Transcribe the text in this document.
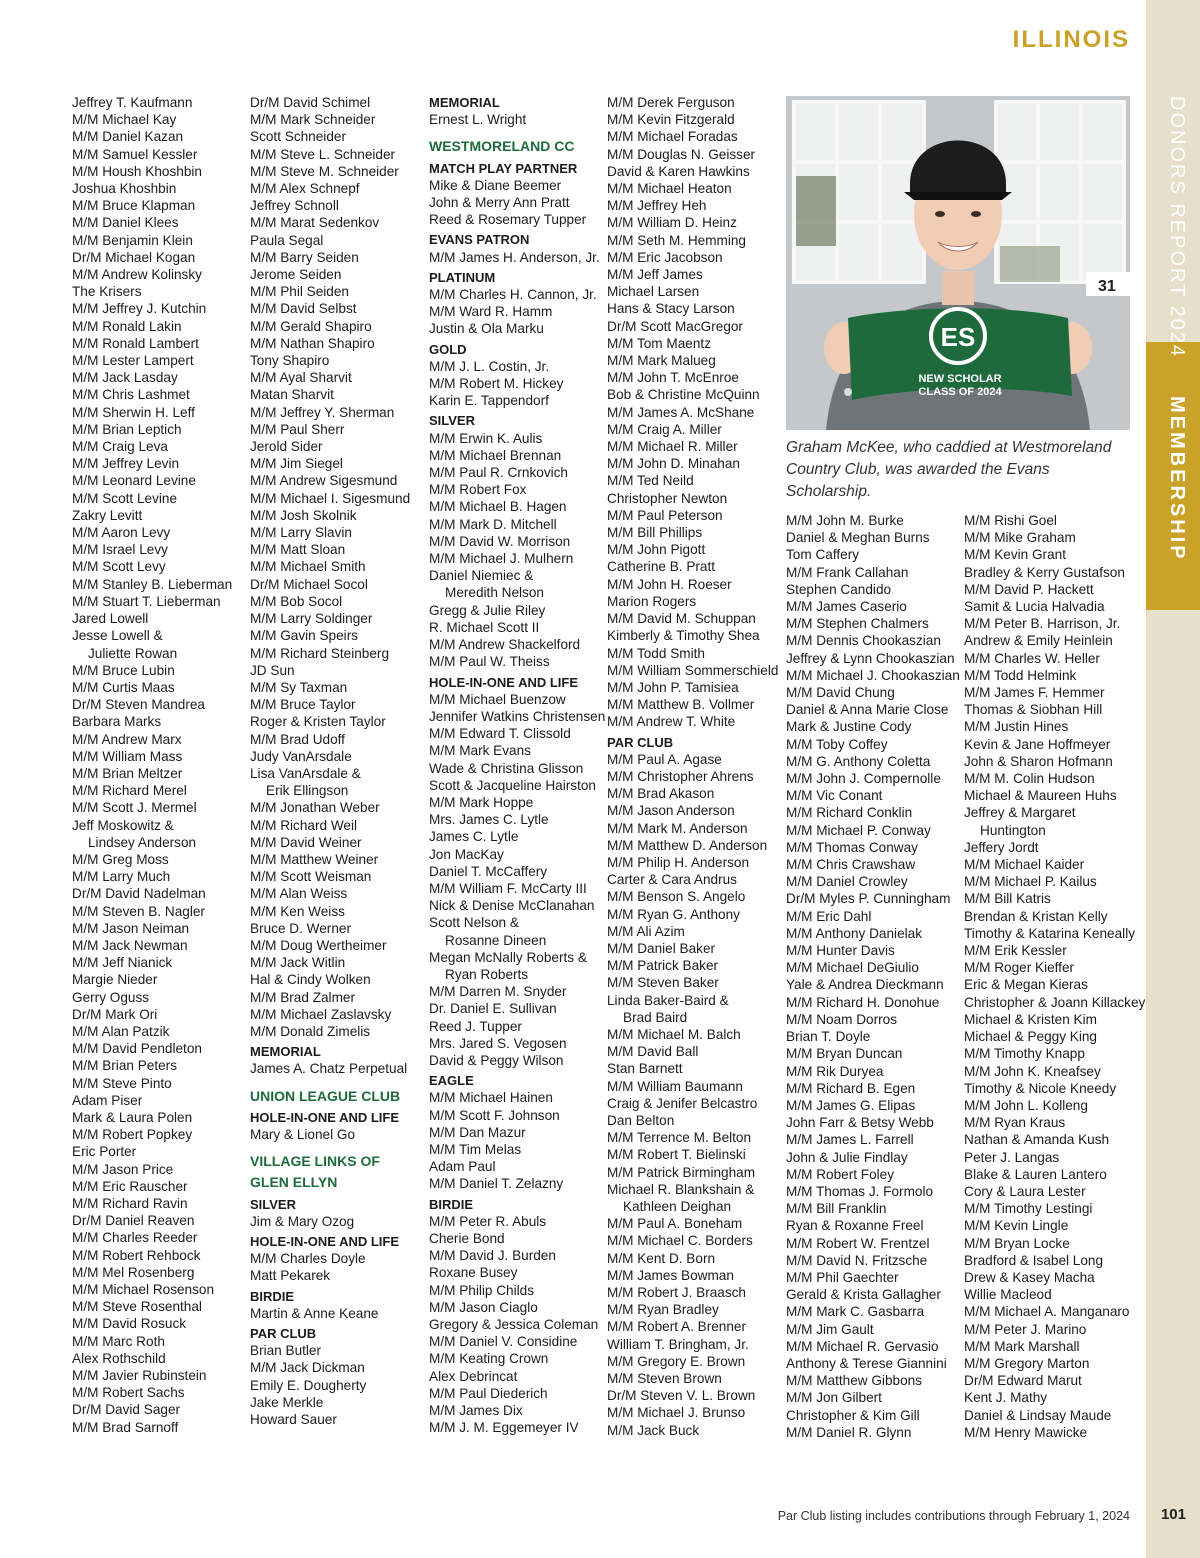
DONORS REPORT 2024
MEMBERSHIP
ILLINOIS
Jeffrey T. Kaufmann
M/M Michael Kay
M/M Daniel Kazan
M/M Samuel Kessler
M/M Housh Khoshbin
Joshua Khoshbin
M/M Bruce Klapman
M/M Daniel Klees
M/M Benjamin Klein
Dr/M Michael Kogan
M/M Andrew Kolinsky
The Krisers
M/M Jeffrey J. Kutchin
M/M Ronald Lakin
M/M Ronald Lambert
M/M Lester Lampert
M/M Jack Lasday
M/M Chris Lashmet
M/M Sherwin H. Leff
M/M Brian Leptich
M/M Craig Leva
M/M Jeffrey Levin
M/M Leonard Levine
M/M Scott Levine
Zakry Levitt
M/M Aaron Levy
M/M Israel Levy
M/M Scott Levy
M/M Stanley B. Lieberman
M/M Stuart T. Lieberman
Jared Lowell
Jesse Lowell &
Juliette Rowan
M/M Bruce Lubin
M/M Curtis Maas
Dr/M Steven Mandrea
Barbara Marks
M/M Andrew Marx
M/M William Mass
M/M Brian Meltzer
M/M Richard Merel
M/M Scott J. Mermel
Jeff Moskowitz &
Lindsey Anderson
M/M Greg Moss
M/M Larry Much
Dr/M David Nadelman
M/M Steven B. Nagler
M/M Jason Neiman
M/M Jack Newman
M/M Jeff Nianick
Margie Nieder
Gerry Oguss
Dr/M Mark Ori
M/M Alan Patzik
M/M David Pendleton
M/M Brian Peters
M/M Steve Pinto
Adam Piser
Mark & Laura Polen
M/M Robert Popkey
Eric Porter
M/M Jason Price
M/M Eric Rauscher
M/M Richard Ravin
Dr/M Daniel Reaven
M/M Charles Reeder
M/M Robert Rehbock
M/M Mel Rosenberg
M/M Michael Rosenson
M/M Steve Rosenthal
M/M David Rosuck
M/M Marc Roth
Alex Rothschild
M/M Javier Rubinstein
M/M Robert Sachs
Dr/M David Sager
M/M Brad Sarnoff
Dr/M David Schimel
M/M Mark Schneider
Scott Schneider
M/M Steve L. Schneider
M/M Steve M. Schneider
M/M Alex Schnepf
Jeffrey Schnoll
M/M Marat Sedenkov
Paula Segal
M/M Barry Seiden
Jerome Seiden
M/M Phil Seiden
M/M David Selbst
M/M Gerald Shapiro
M/M Nathan Shapiro
Tony Shapiro
M/M Ayal Sharvit
Matan Sharvit
M/M Jeffrey Y. Sherman
M/M Paul Sherr
Jerold Sider
M/M Jim Siegel
M/M Andrew Sigesmund
M/M Michael I. Sigesmund
M/M Josh Skolnik
M/M Larry Slavin
M/M Matt Sloan
M/M Michael Smith
Dr/M Michael Socol
M/M Bob Socol
M/M Larry Soldinger
M/M Gavin Speirs
M/M Richard Steinberg
JD Sun
M/M Sy Taxman
M/M Bruce Taylor
Roger & Kristen Taylor
M/M Brad Udoff
Judy VanArsdale
Lisa VanArsdale &
Erik Ellingson
M/M Jonathan Weber
M/M Richard Weil
M/M David Weiner
M/M Matthew Weiner
M/M Scott Weisman
M/M Alan Weiss
M/M Ken Weiss
Bruce D. Werner
M/M Doug Wertheimer
M/M Jack Witlin
Hal & Cindy Wolken
M/M Brad Zalmer
M/M Michael Zaslavsky
M/M Donald Zimelis
MEMORIAL
James A. Chatz Perpetual
UNION LEAGUE CLUB
HOLE-IN-ONE AND LIFE
Mary & Lionel Go
VILLAGE LINKS OF
GLEN ELLYN
SILVER
Jim & Mary Ozog
HOLE-IN-ONE AND LIFE
M/M Charles Doyle
Matt Pekarek
BIRDIE
Martin & Anne Keane
PAR CLUB
Brian Butler
M/M Jack Dickman
Emily E. Dougherty
Jake Merkle
Howard Sauer
MEMORIAL
Ernest L. Wright
WESTMORELAND CC
MATCH PLAY PARTNER
Mike & Diane Beemer
John & Merry Ann Pratt
Reed & Rosemary Tupper
EVANS PATRON
M/M James H. Anderson, Jr.
PLATINUM
M/M Charles H. Cannon, Jr.
M/M Ward R. Hamm
Justin & Ola Marku
GOLD
M/M J. L. Costin, Jr.
M/M Robert M. Hickey
Karin E. Tappendorf
SILVER
M/M Erwin K. Aulis
M/M Michael Brennan
M/M Paul R. Crnkovich
M/M Robert Fox
M/M Michael B. Hagen
M/M Mark D. Mitchell
M/M David W. Morrison
M/M Michael J. Mulhern
Daniel Niemiec &
Meredith Nelson
Gregg & Julie Riley
R. Michael Scott II
M/M Andrew Shackelford
M/M Paul W. Theiss
HOLE-IN-ONE AND LIFE
M/M Michael Buenzow
Jennifer Watkins Christensen
M/M Edward T. Clissold
M/M Mark Evans
Wade & Christina Glisson
Scott & Jacqueline Hairston
M/M Mark Hoppe
Mrs. James C. Lytle
James C. Lytle
Jon MacKay
Daniel T. McCaffery
M/M William F. McCarty III
Nick & Denise McClanahan
Scott Nelson &
Rosanne Dineen
Megan McNally Roberts &
Ryan Roberts
M/M Darren M. Snyder
Dr. Daniel E. Sullivan
Reed J. Tupper
Mrs. Jared S. Vegosen
David & Peggy Wilson
EAGLE
M/M Michael Hainen
M/M Scott F. Johnson
M/M Dan Mazur
M/M Tim Melas
Adam Paul
M/M Daniel T. Zelazny
BIRDIE
M/M Peter R. Abuls
Cherie Bond
M/M David J. Burden
Roxane Busey
M/M Philip Childs
M/M Jason Ciaglo
Gregory & Jessica Coleman
M/M Daniel V. Considine
M/M Keating Crown
Alex Debrincat
M/M Paul Diederich
M/M James Dix
M/M J. M. Eggemeyer IV
M/M Derek Ferguson
M/M Kevin Fitzgerald
M/M Michael Foradas
M/M Douglas N. Geisser
David & Karen Hawkins
M/M Michael Heaton
M/M Jeffrey Heh
M/M William D. Heinz
M/M Seth M. Hemming
M/M Eric Jacobson
M/M Jeff James
Michael Larsen
Hans & Stacy Larson
Dr/M Scott MacGregor
M/M Tom Maentz
M/M Mark Malueg
M/M John T. McEnroe
Bob & Christine McQuinn
M/M James A. McShane
M/M Craig A. Miller
M/M Michael R. Miller
M/M John D. Minahan
M/M Ted Neild
Christopher Newton
M/M Paul Peterson
M/M Bill Phillips
M/M John Pigott
Catherine B. Pratt
M/M John H. Roeser
Marion Rogers
M/M David M. Schuppan
Kimberly & Timothy Shea
M/M Todd Smith
M/M William Sommerschield
M/M John P. Tamisiea
M/M Matthew B. Vollmer
M/M Andrew T. White
PAR CLUB
M/M Paul A. Agase
M/M Christopher Ahrens
M/M Brad Akason
M/M Jason Anderson
M/M Mark M. Anderson
M/M Matthew D. Anderson
M/M Philip H. Anderson
Carter & Cara Andrus
M/M Benson S. Angelo
M/M Ryan G. Anthony
M/M Ali Azim
M/M Daniel Baker
M/M Patrick Baker
M/M Steven Baker
Linda Baker-Baird &
Brad Baird
M/M Michael M. Balch
M/M David Ball
Stan Barnett
M/M William Baumann
Craig & Jenifer Belcastro
Dan Belton
M/M Terrence M. Belton
M/M Robert T. Bielinski
M/M Patrick Birmingham
Michael R. Blankshain &
Kathleen Deighan
M/M Paul A. Boneham
M/M Michael C. Borders
M/M Kent D. Born
M/M James Bowman
M/M Robert J. Braasch
M/M Ryan Bradley
M/M Robert A. Brenner
William T. Bringham, Jr.
M/M Gregory E. Brown
M/M Steven Brown
Dr/M Steven V. L. Brown
M/M Michael J. Brunso
M/M Jack Buck
M/M John M. Burke
Daniel & Meghan Burns
Tom Caffery
M/M Frank Callahan
Stephen Candido
M/M James Caserio
M/M Stephen Chalmers
M/M Dennis Chookaszian
Jeffrey & Lynn Chookaszian
M/M Michael J. Chookaszian
M/M David Chung
Daniel & Anna Marie Close
Mark & Justine Cody
M/M Toby Coffey
M/M G. Anthony Coletta
M/M John J. Compernolle
M/M Vic Conant
M/M Richard Conklin
M/M Michael P. Conway
M/M Thomas Conway
M/M Chris Crawshaw
M/M Daniel Crowley
Dr/M Myles P. Cunningham
M/M Eric Dahl
M/M Anthony Danielak
M/M Hunter Davis
M/M Michael DeGiulio
Yale & Andrea Dieckmann
M/M Richard H. Donohue
M/M Noam Dorros
Brian T. Doyle
M/M Bryan Duncan
M/M Rik Duryea
M/M Richard B. Egen
M/M James G. Elipas
John Farr & Betsy Webb
M/M James L. Farrell
John & Julie Findlay
M/M Robert Foley
M/M Thomas J. Formolo
M/M Bill Franklin
Ryan & Roxanne Freel
M/M Robert W. Frentzel
M/M David N. Fritzsche
M/M Phil Gaechter
Gerald & Krista Gallagher
M/M Mark C. Gasbarra
M/M Jim Gault
M/M Michael R. Gervasio
Anthony & Terese Giannini
M/M Matthew Gibbons
M/M Jon Gilbert
Christopher & Kim Gill
M/M Daniel R. Glynn
M/M Rishi Goel
M/M Mike Graham
M/M Kevin Grant
Bradley & Kerry Gustafson
M/M David P. Hackett
Samit & Lucia Halvadia
M/M Peter B. Harrison, Jr.
Andrew & Emily Heinlein
M/M Charles W. Heller
M/M Todd Helmink
M/M James F. Hemmer
Thomas & Siobhan Hill
M/M Justin Hines
Kevin & Jane Hoffmeyer
John & Sharon Hofmann
M/M M. Colin Hudson
Michael & Maureen Huhs
Jeffrey & Margaret
Huntington
Jeffery Jordt
M/M Michael Kaider
M/M Michael P. Kailus
M/M Bill Katris
Brendan & Kristan Kelly
Timothy & Katarina Keneally
M/M Erik Kessler
M/M Roger Kieffer
Eric & Megan Kieras
Christopher & Joann Killackey
Michael & Kristen Kim
Michael & Peggy King
M/M Timothy Knapp
M/M John K. Kneafsey
Timothy & Nicole Kneedy
M/M John L. Kolleng
M/M Ryan Kraus
Nathan & Amanda Kush
Peter J. Langas
Blake & Lauren Lantero
Cory & Laura Lester
M/M Timothy Lestingi
M/M Kevin Lingle
M/M Bryan Locke
Bradford & Isabel Long
Drew & Kasey Macha
Willie Macleod
M/M Michael A. Manganaro
M/M Peter J. Marino
M/M Mark Marshall
M/M Gregory Marton
Dr/M Edward Marut
Kent J. Mathy
Daniel & Lindsay Maude
M/M Henry Mawicke
31
ES
NEW SCHOLAR
CLASS OF 2024
Graham McKee, who caddied at Westmoreland Country Club, was awarded the Evans Scholarship.
Par Club listing includes contributions through February 1, 2024 101
